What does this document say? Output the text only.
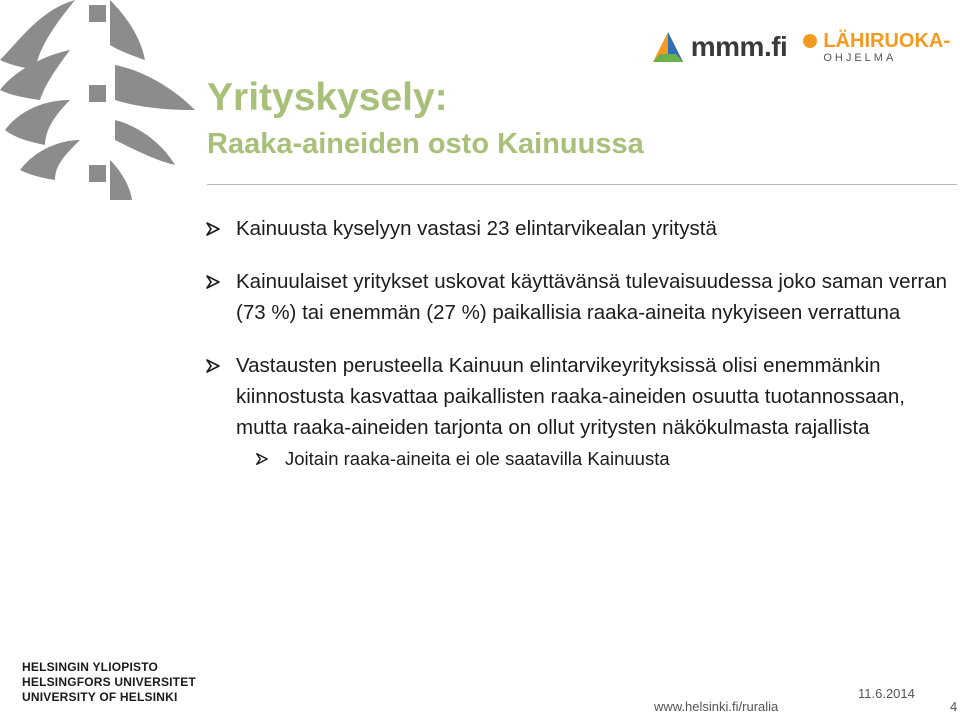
mmm.fi LÄHIRUOKA-
OHJELMA
Yrityskysely:
Raaka-aineiden osto Kainuussa
Kainuusta kyselyyn vastasi 23 elintarvikealan yritystä
Kainuulaiset yritykset uskovat käyttävänsä tulevaisuudessa joko saman verran (73 %) tai enemmän (27 %) paikallisia raaka-aineita nykyiseen verrattuna
Vastausten perusteella Kainuun elintarvikeyrityksissä olisi enemmänkin kiinnostusta kasvattaa paikallisten raaka-aineiden osuutta tuotannossaan, mutta raaka-aineiden tarjonta on ollut yritysten näkökulmasta rajallista
Joitain raaka-aineita ei ole saatavilla Kainuusta
HELSINGIN YLIOPISTO
HELSINGFORS UNIVERSITET
UNIVERSITY OF HELSINKI	11.6.2014
www.helsinki.fi/ruralia	4
